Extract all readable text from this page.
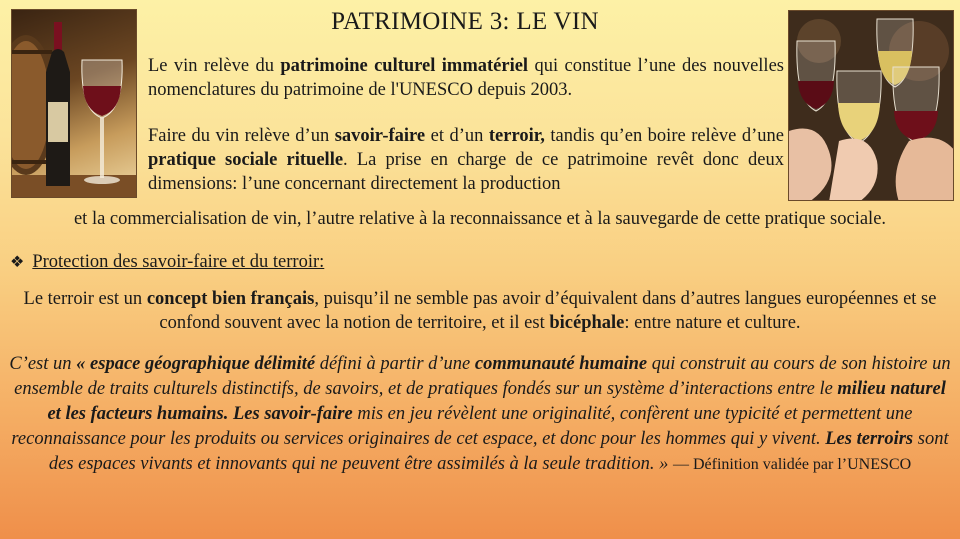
PATRIMOINE 3: LE VIN
Le vin relève du patrimoine culturel immatériel qui constitue l’une des nouvelles nomenclatures du patrimoine de l'UNESCO depuis 2003.
Faire du vin relève d’un savoir-faire et d’un terroir, tandis qu’en boire relève d’une pratique sociale rituelle. La prise en charge de ce patrimoine revêt donc deux dimensions: l’une concernant directement la production
et la commercialisation de vin, l’autre relative à la reconnaissance et à la sauvegarde de cette pratique sociale.
❖ Protection des savoir-faire et du terroir:
Le terroir est un concept bien français, puisqu’il ne semble pas avoir d’équivalent dans d’autres langues européennes et se confond souvent avec la notion de territoire, et il est bicéphale: entre nature et culture.
C’est un « espace géographique délimité défini à partir d’une communauté humaine qui construit au cours de son histoire un ensemble de traits culturels distinctifs, de savoirs, et de pratiques fondés sur un système d’interactions entre le milieu naturel et les facteurs humains. Les savoir-faire mis en jeu révèlent une originalité, confèrent une typicité et permettent une reconnaissance pour les produits ou services originaires de cet espace, et donc pour les hommes qui y vivent. Les terroirs sont des espaces vivants et innovants qui ne peuvent être assimilés à la seule tradition. » — Définition validée par l’UNESCO
